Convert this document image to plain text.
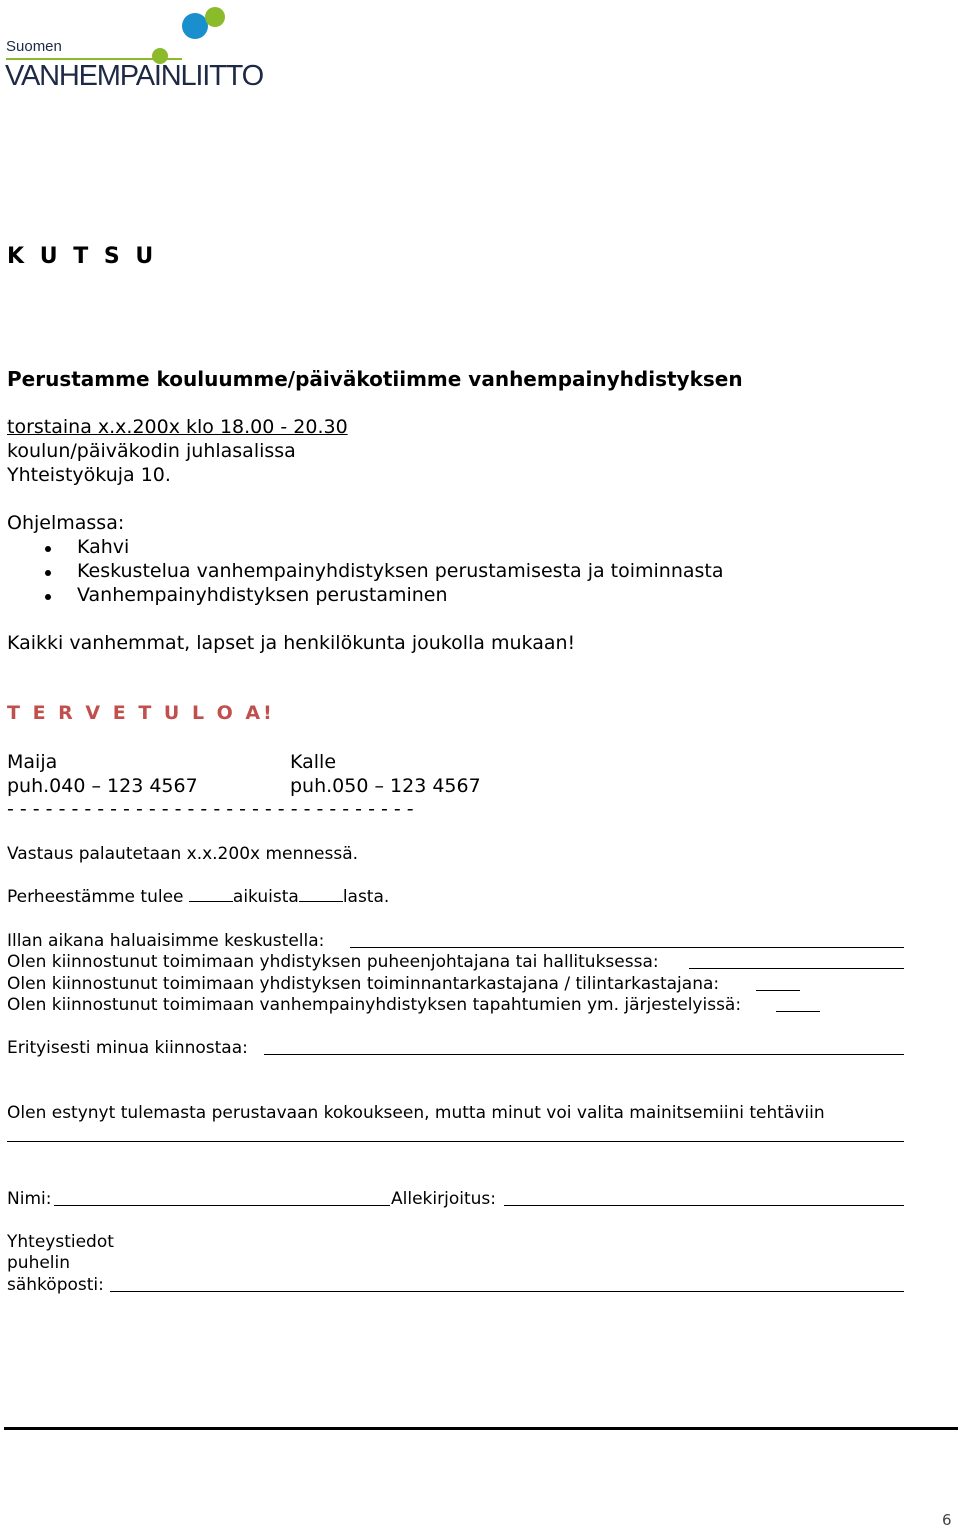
Suomen
VANHEMPAINLIITTO
K U T S U
Perustamme kouluumme/päiväkotiimme vanhempainyhdistyksen
torstaina x.x.200x klo 18.00 - 20.30
koulun/päiväkodin juhlasalissa
Yhteistyökuja 10.
Ohjelmassa:
Kahvi
Keskustelua vanhempainyhdistyksen perustamisesta ja toiminnasta
Vanhempainyhdistyksen perustaminen
Kaikki vanhemmat, lapset ja henkilökunta joukolla mukaan!
T E R V E T U L O A!
Maija
puh.040 – 123 4567
Kalle
puh.050 – 123 4567
- - - - - - - - - - - - - - - - - - - - - - - - - - - - - - - -
Vastaus palautetaan x.x.200x mennessä.
Perheestämme tulee	aikuista	lasta.
Illan aikana haluaisimme keskustella:
Olen kiinnostunut toimimaan yhdistyksen puheenjohtajana tai hallituksessa:
Olen kiinnostunut toimimaan yhdistyksen toiminnantarkastajana / tilintarkastajana:
Olen kiinnostunut toimimaan vanhempainyhdistyksen tapahtumien ym. järjestelyissä:
Erityisesti minua kiinnostaa:
Olen estynyt tulemasta perustavaan kokoukseen, mutta minut voi valita mainitsemiini tehtäviin
Nimi:	Allekirjoitus:
Yhteystiedot
puhelin
sähköposti:
6
